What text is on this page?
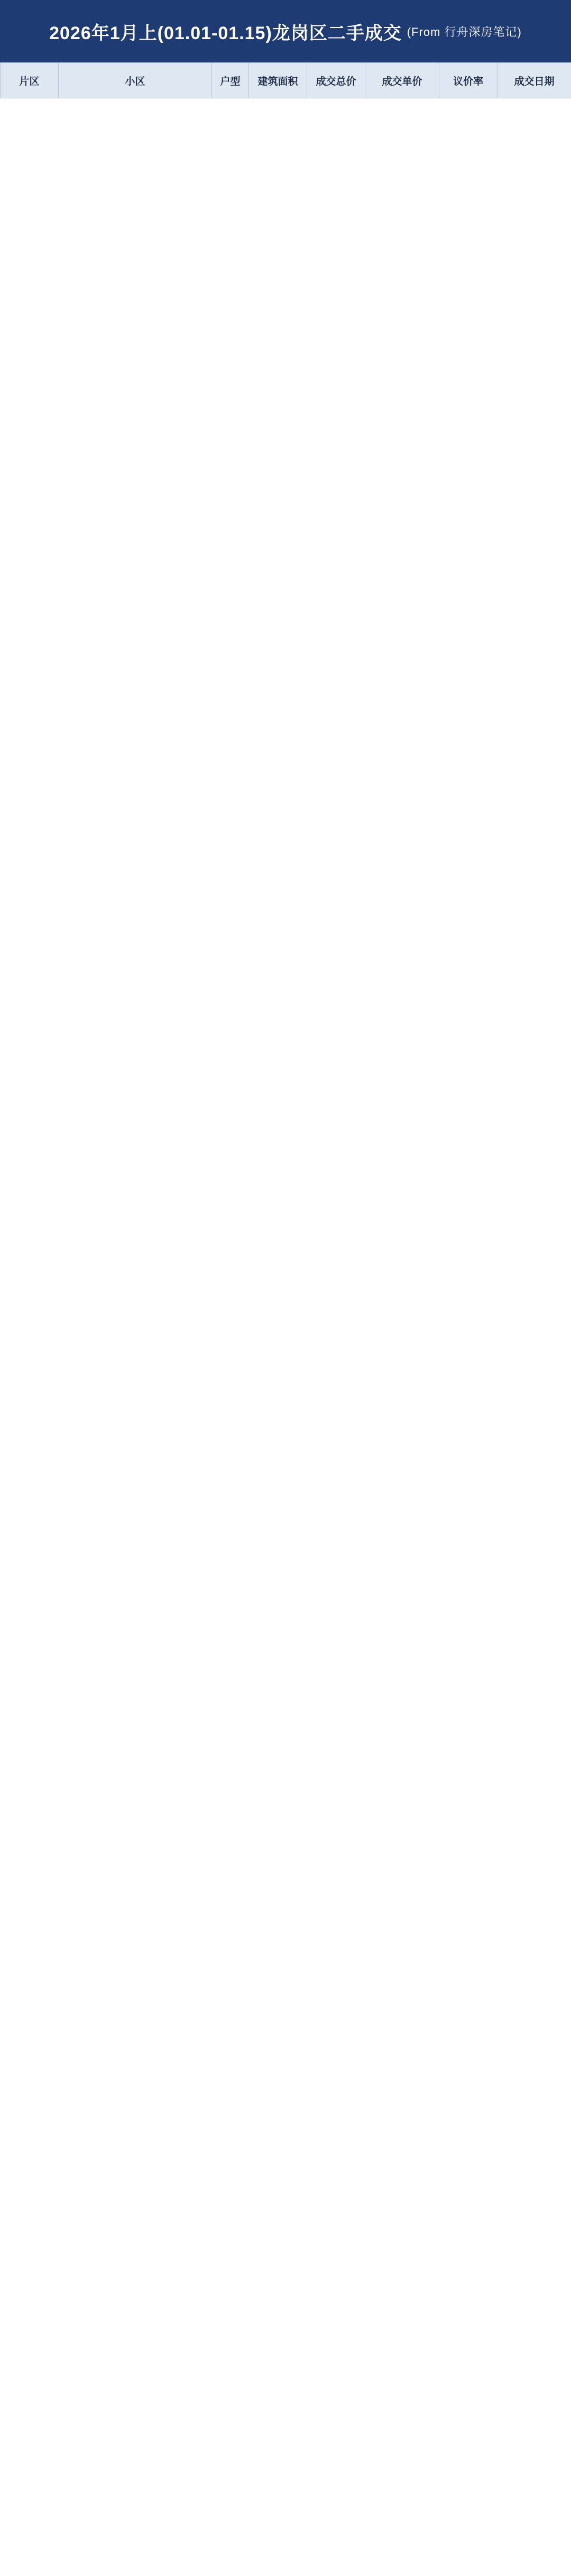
2026年1月上(01.01-01.15)龙岗区二手成交 (From 行舟深房笔记)
片区	小区	户型	建筑面积	成交总价	成交单价	议价率	成交日期
